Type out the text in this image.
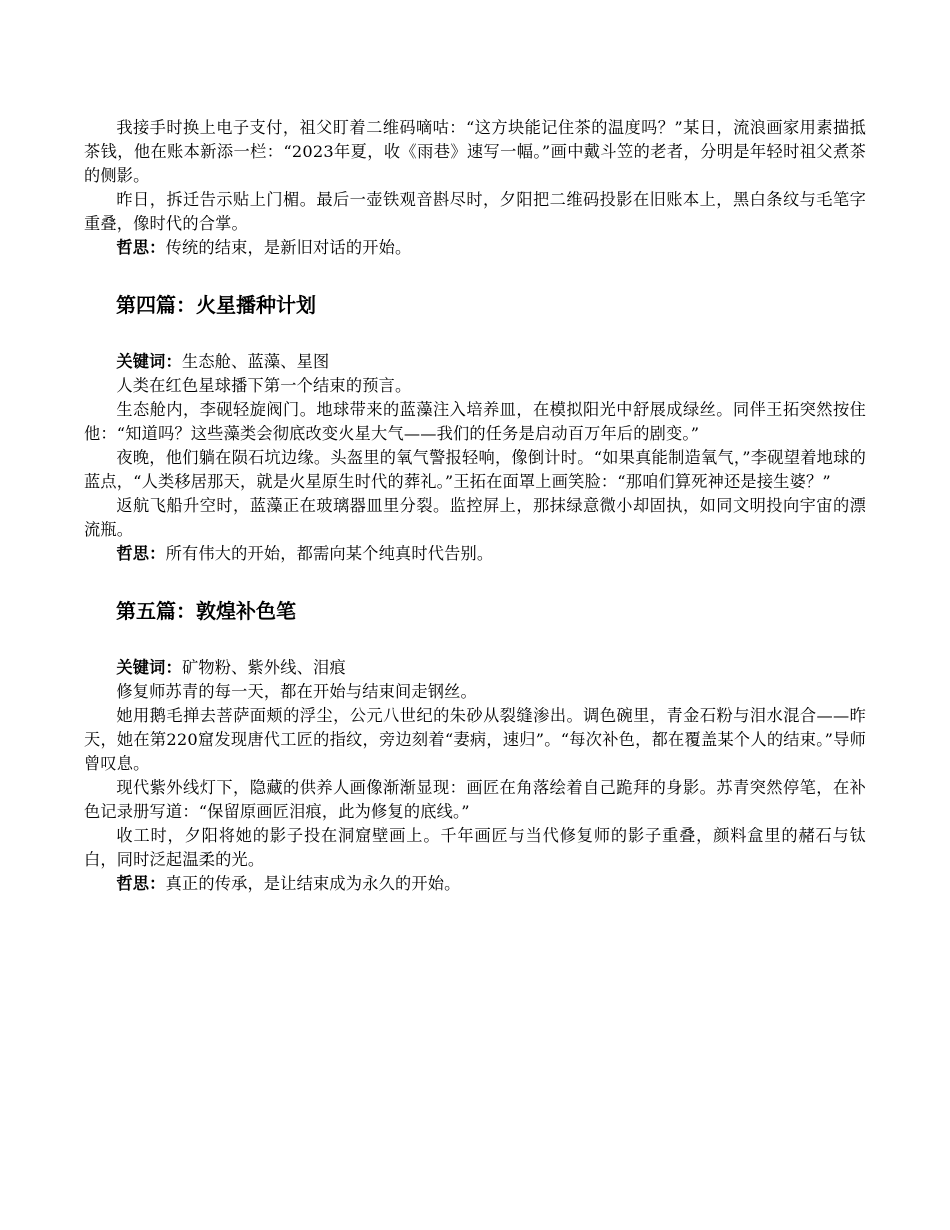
我接手时换上电子支付，祖父盯着二维码嘀咕：“这方块能记住茶的温度吗？”某日，流浪画家用素描抵茶钱，他在账本新添一栏：“2023年夏，收《雨巷》速写一幅。”画中戴斗笠的老者，分明是年轻时祖父煮茶的侧影。

昨日，拆迁告示贴上门楣。最后一壶铁观音斟尽时，夕阳把二维码投影在旧账本上，黑白条纹与毛笔字重叠，像时代的合掌。

哲思：传统的结束，是新旧对话的开始。

第四篇：火星播种计划

关键词：生态舱、蓝藻、星图

人类在红色星球播下第一个结束的预言。

生态舱内，李砚轻旋阀门。地球带来的蓝藻注入培养皿，在模拟阳光中舒展成绿丝。同伴王拓突然按住他：“知道吗？这些藻类会彻底改变火星大气——我们的任务是启动百万年后的剧变。”

夜晚，他们躺在陨石坑边缘。头盔里的氧气警报轻响，像倒计时。“如果真能制造氧气，”李砚望着地球的蓝点，“人类移居那天，就是火星原生时代的葬礼。”王拓在面罩上画笑脸：“那咱们算死神还是接生婆？”

返航飞船升空时，蓝藻正在玻璃器皿里分裂。监控屏上，那抹绿意微小却固执，如同文明投向宇宙的漂流瓶。

哲思：所有伟大的开始，都需向某个纯真时代告别。

第五篇：敦煌补色笔

关键词：矿物粉、紫外线、泪痕

修复师苏青的每一天，都在开始与结束间走钢丝。

她用鹅毛掸去菩萨面颊的浮尘，公元八世纪的朱砂从裂缝渗出。调色碗里，青金石粉与泪水混合——昨天，她在第220窟发现唐代工匠的指纹，旁边刻着“妻病，速归”。“每次补色，都在覆盖某个人的结束。”导师曾叹息。

现代紫外线灯下，隐藏的供养人画像渐渐显现：画匠在角落绘着自己跪拜的身影。苏青突然停笔，在补色记录册写道：“保留原画匠泪痕，此为修复的底线。”

收工时，夕阳将她的影子投在洞窟壁画上。千年画匠与当代修复师的影子重叠，颜料盒里的赭石与钛白，同时泛起温柔的光。

哲思：真正的传承，是让结束成为永久的开始。
